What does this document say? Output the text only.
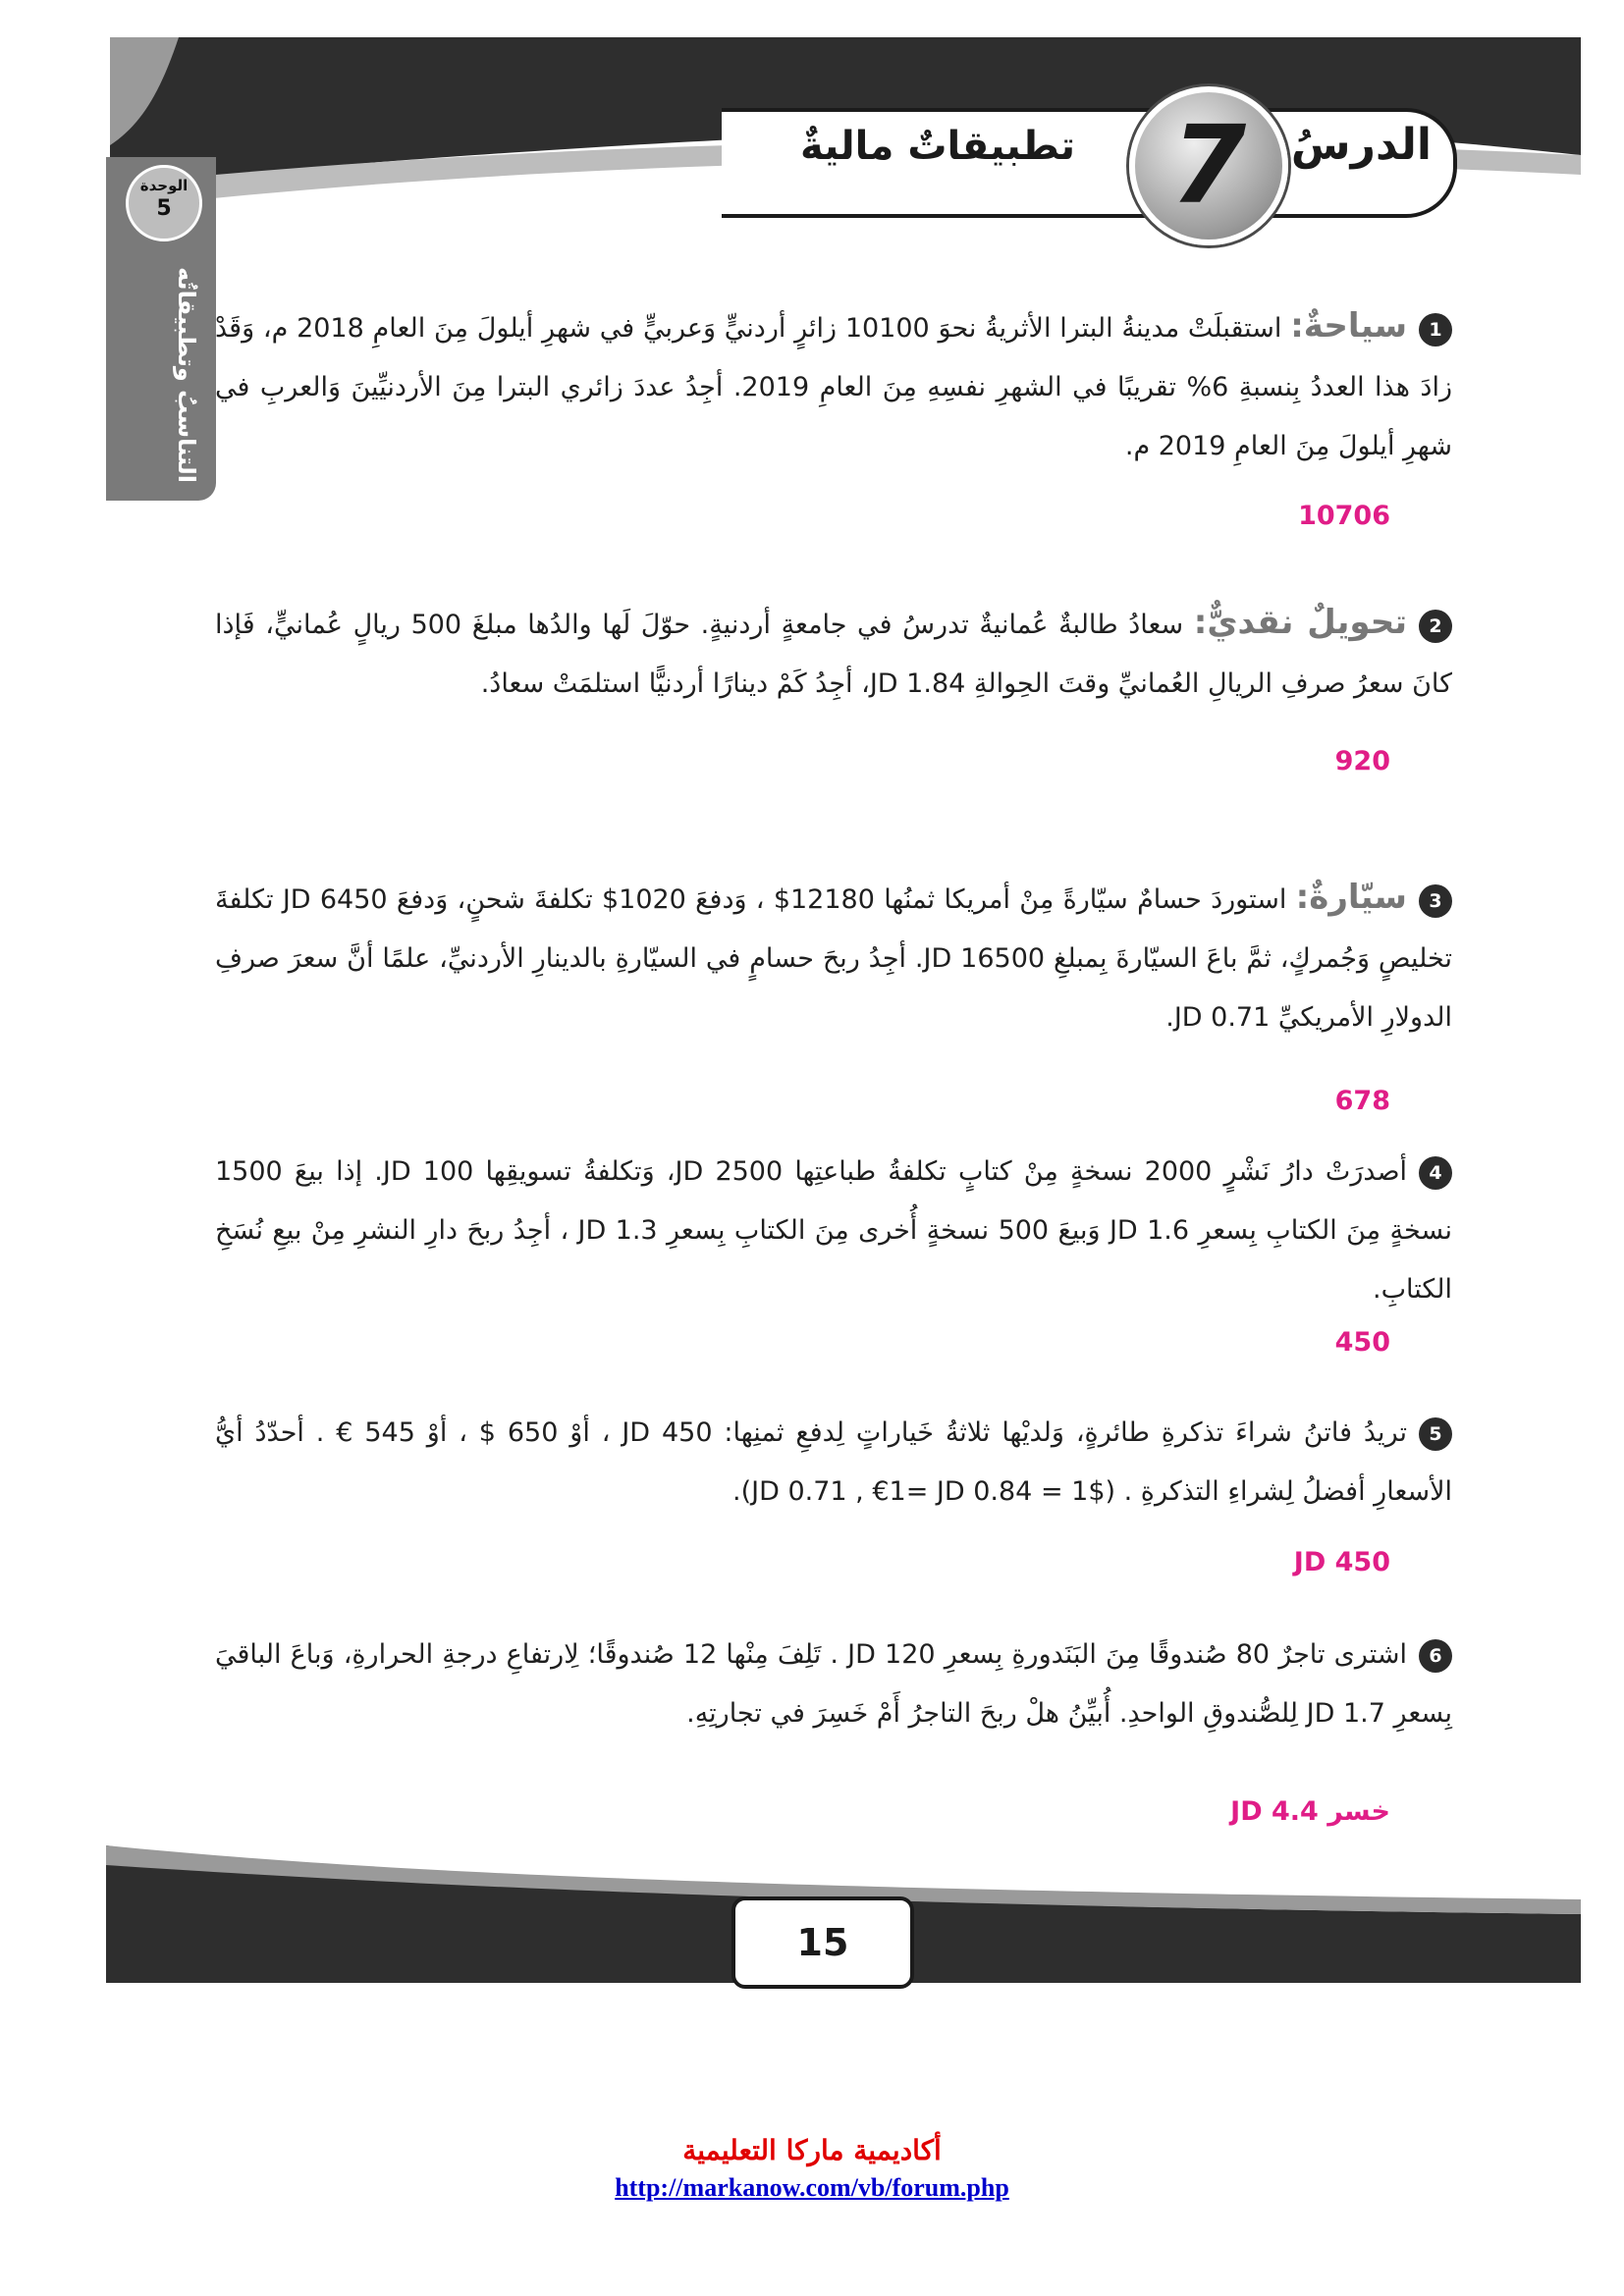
الدرسُ
تطبيقاتٌ ماليةٌ 7
الوحدة
5
التناسبُ وتطبيقاتُه	1سياحةٌ: استقبلَتْ مدينةُ البترا الأثريةُ نحوَ 10100 زائرٍ أردنيٍّ وَعربيٍّ في شهرِ أيلولَ مِنَ العامِ 2018 م، وَقَدْ زادَ هذا العددُ بِنسبةِ 6% تقريبًا في الشهرِ نفسِهِ مِنَ العامِ 2019. أجِدُ عددَ زائري البترا مِنَ الأردنيِّينَ وَالعربِ في شهرِ أيلولَ مِنَ العامِ 2019 م.
10706
2تحويلٌ نقديٌّ: سعادُ طالبةٌ عُمانيةٌ تدرسُ في جامعةٍ أردنيةٍ. حوّلَ لَها والدُها مبلغَ 500 ريالٍ عُمانيٍّ، فَإذا كانَ سعرُ صرفِ الريالِ العُمانيِّ وقتَ الحِوالةِ JD 1.84، أجِدُ كَمْ دينارًا أردنيًّا استلمَتْ سعادُ.
920
3سيّارةٌ: استوردَ حسامٌ سيّارةً مِنْ أمريكا ثمنُها 12180$ ، وَدفعَ 1020$ تكلفةَ شحنٍ، وَدفعَ JD 6450 تكلفةَ تخليصٍ وَجُمركٍ، ثمَّ باعَ السيّارةَ بِمبلغِ JD 16500. أجِدُ ربحَ حسامٍ في السيّارةِ بالدينارِ الأردنيِّ، علمًا أنَّ سعرَ صرفِ الدولارِ الأمريكيِّ JD 0.71.
678
4أصدرَتْ دارُ نَشْرٍ 2000 نسخةٍ مِنْ كتابٍ تكلفةُ طباعتِها JD 2500، وَتكلفةُ تسويقِها JD 100. إذا بيعَ 1500 نسخةٍ مِنَ الكتابِ بِسعرِ JD 1.6 وَبيعَ 500 نسخةٍ أُخرى مِنَ الكتابِ بِسعرِ JD 1.3 ، أجِدُ ربحَ دارِ النشرِ مِنْ بيعِ نُسَخِ الكتابِ.
450
5تريدُ فاتنُ شراءَ تذكرةِ طائرةٍ، وَلديْها ثلاثةُ خَياراتٍ لِدفعِ ثمنِها: JD 450 ، أوْ 650 $ ، أوْ 545 € . أحدّدُ أيُّ الأسعارِ أفضلُ لِشراءِ التذكرةِ . ($1 = JD 0.71 , €1= JD 0.84).
JD 450
6اشترى تاجرٌ 80 صُندوقًا مِنَ البَنَدورةِ بِسعرِ JD 120 . تَلِفَ مِنْها 12 صُندوقًا؛ لِارتفاعِ درجةِ الحرارةِ، وَباعَ الباقيَ بِسعرِ JD 1.7 لِلصُّندوقِ الواحدِ. أُبيِّنُ هلْ ربحَ التاجرُ أَمْ خَسِرَ في تجارتِهِ.
خسر JD 4.4
15
أكاديمية ماركا التعليمية
http://markanow.com/vb/forum.php
